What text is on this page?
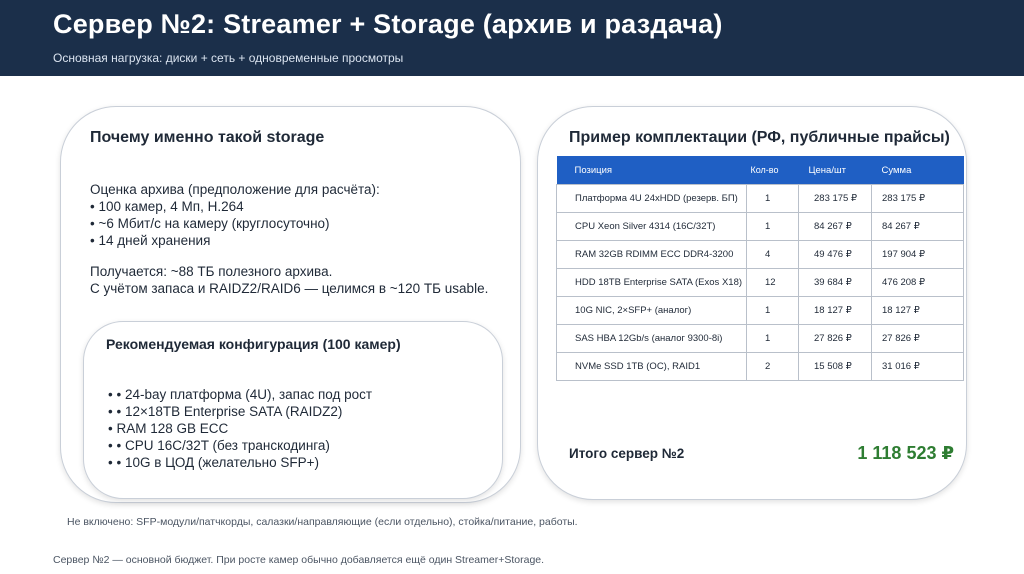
Сервер №2: Streamer + Storage (архив и раздача)
Основная нагрузка: диски + сеть + одновременные просмотры
Почему именно такой storage
Оценка архива (предположение для расчёта):
• 100 камер, 4 Мп, H.264
• ~6 Мбит/с на камеру (круглосуточно)
• 14 дней хранения
Получается: ~88 ТБ полезного архива.
С учётом запаса и RAIDZ2/RAID6 — целимся в ~120 ТБ usable.
Рекомендуемая конфигурация (100 камер)
• • 24-bay платформа (4U), запас под рост
• • 12×18TB Enterprise SATA (RAIDZ2)
• RAM 128 GB ECC
• • CPU 16C/32T (без транскодинга)
• • 10G в ЦОД (желательно SFP+)
Пример комплектации (РФ, публичные прайсы)
Позиция	Кол-во	Цена/шт	Сумма
Платформа 4U 24xHDD (резерв. БП)	1	283 175 ₽	283 175 ₽
CPU Xeon Silver 4314 (16C/32T)	1	84 267 ₽	84 267 ₽
RAM 32GB RDIMM ECC DDR4-3200	4	49 476 ₽	197 904 ₽
HDD 18TB Enterprise SATA (Exos X18)	12	39 684 ₽	476 208 ₽
10G NIC, 2×SFP+ (аналог)	1	18 127 ₽	18 127 ₽
SAS HBA 12Gb/s (аналог 9300-8i)	1	27 826 ₽	27 826 ₽
NVMe SSD 1TB (ОС), RAID1	2	15 508 ₽	31 016 ₽
Итого сервер №2	1 118 523 ₽
Не включено: SFP-модули/патчкорды, салазки/направляющие (если отдельно), стойка/питание, работы.
Сервер №2 — основной бюджет. При росте камер обычно добавляется ещё один Streamer+Storage.
